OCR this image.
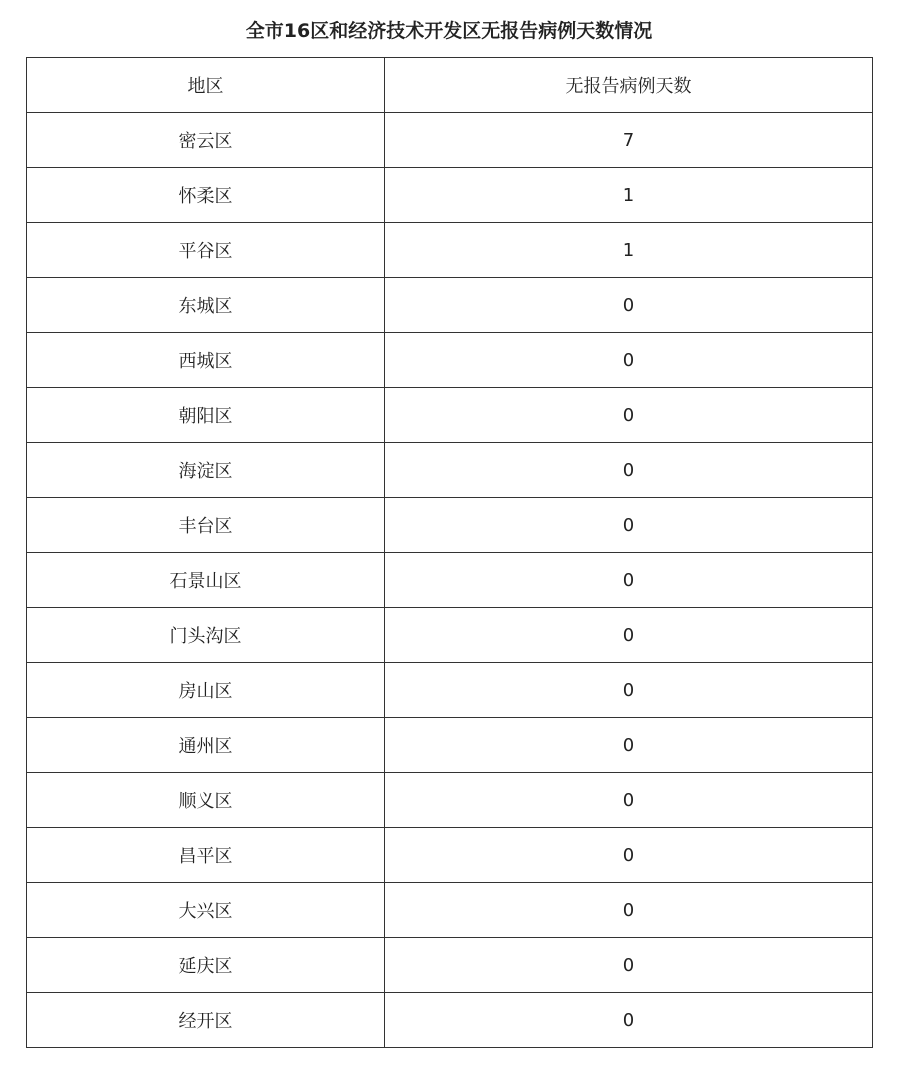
全市16区和经济技术开发区无报告病例天数情况
地区	无报告病例天数
密云区	7
怀柔区	1
平谷区	1
东城区	0
西城区	0
朝阳区	0
海淀区	0
丰台区	0
石景山区	0
门头沟区	0
房山区	0
通州区	0
顺义区	0
昌平区	0
大兴区	0
延庆区	0
经开区	0
